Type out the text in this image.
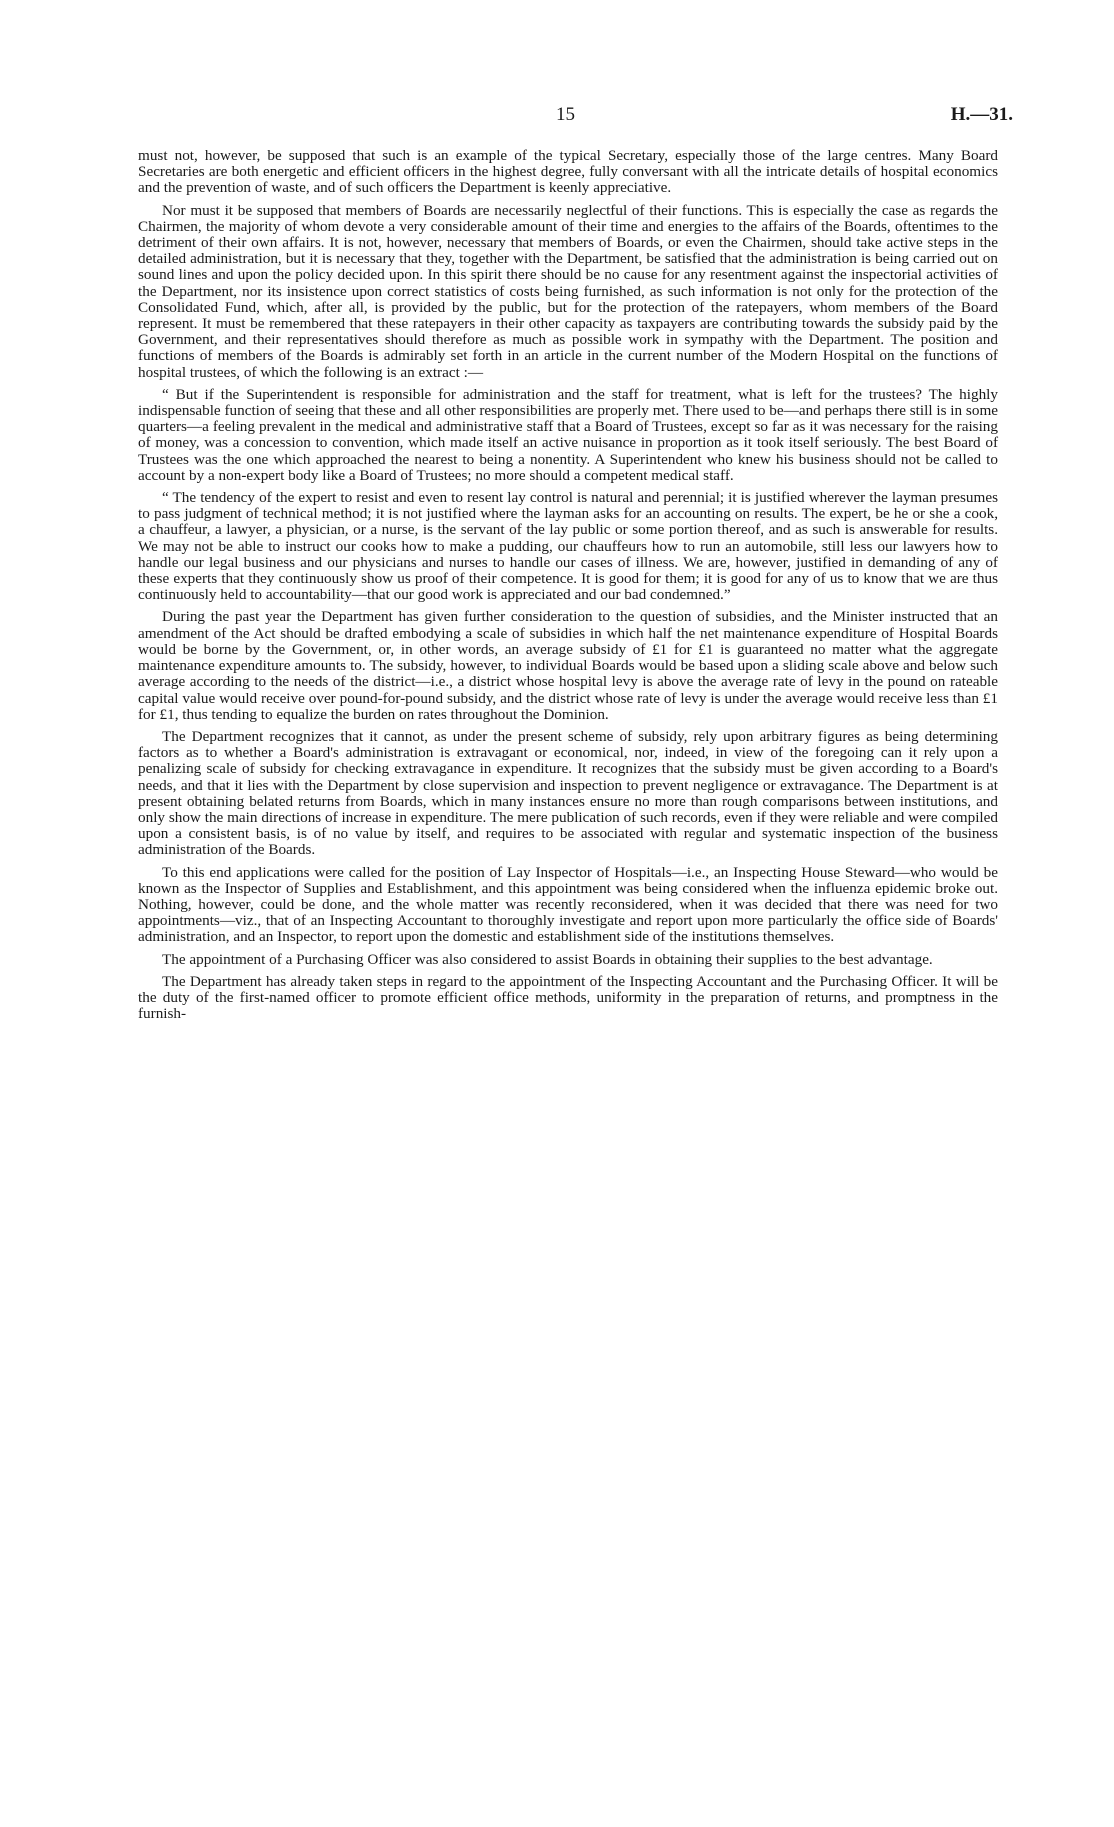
15	H.—31.

must not, however, be supposed that such is an example of the typical Secretary, especially those of the large centres. Many Board Secretaries are both energetic and efficient officers in the highest degree, fully conversant with all the intricate details of hospital economics and the prevention of waste, and of such officers the Department is keenly appreciative.

Nor must it be supposed that members of Boards are necessarily neglectful of their functions. This is especially the case as regards the Chairmen, the majority of whom devote a very considerable amount of their time and energies to the affairs of the Boards, oftentimes to the detriment of their own affairs. It is not, however, necessary that members of Boards, or even the Chairmen, should take active steps in the detailed administration, but it is necessary that they, together with the Department, be satisfied that the administration is being carried out on sound lines and upon the policy decided upon. In this spirit there should be no cause for any resentment against the inspectorial activities of the Department, nor its insistence upon correct statistics of costs being furnished, as such information is not only for the protection of the Consolidated Fund, which, after all, is provided by the public, but for the protection of the ratepayers, whom members of the Board represent. It must be remembered that these ratepayers in their other capacity as taxpayers are contributing towards the subsidy paid by the Government, and their representatives should therefore as much as possible work in sympathy with the Department. The position and functions of members of the Boards is admirably set forth in an article in the current number of the Modern Hospital on the functions of hospital trustees, of which the following is an extract :—

“ But if the Superintendent is responsible for administration and the staff for treatment, what is left for the trustees? The highly indispensable function of seeing that these and all other responsibilities are properly met. There used to be—and perhaps there still is in some quarters—a feeling prevalent in the medical and administrative staff that a Board of Trustees, except so far as it was necessary for the raising of money, was a concession to convention, which made itself an active nuisance in proportion as it took itself seriously. The best Board of Trustees was the one which approached the nearest to being a nonentity. A Superintendent who knew his business should not be called to account by a non-expert body like a Board of Trustees; no more should a competent medical staff.

“ The tendency of the expert to resist and even to resent lay control is natural and perennial; it is justified wherever the layman presumes to pass judgment of technical method; it is not justified where the layman asks for an accounting on results. The expert, be he or she a cook, a chauffeur, a lawyer, a physician, or a nurse, is the servant of the lay public or some portion thereof, and as such is answerable for results. We may not be able to instruct our cooks how to make a pudding, our chauffeurs how to run an automobile, still less our lawyers how to handle our legal business and our physicians and nurses to handle our cases of illness. We are, however, justified in demanding of any of these experts that they continuously show us proof of their competence. It is good for them; it is good for any of us to know that we are thus continuously held to accountability—that our good work is appreciated and our bad condemned.”

During the past year the Department has given further consideration to the question of subsidies, and the Minister instructed that an amendment of the Act should be drafted embodying a scale of subsidies in which half the net maintenance expenditure of Hospital Boards would be borne by the Government, or, in other words, an average subsidy of £1 for £1 is guaranteed no matter what the aggregate maintenance expenditure amounts to. The subsidy, however, to individual Boards would be based upon a sliding scale above and below such average according to the needs of the district—i.e., a district whose hospital levy is above the average rate of levy in the pound on rateable capital value would receive over pound-for-pound subsidy, and the district whose rate of levy is under the average would receive less than £1 for £1, thus tending to equalize the burden on rates throughout the Dominion.

The Department recognizes that it cannot, as under the present scheme of subsidy, rely upon arbitrary figures as being determining factors as to whether a Board's administration is extravagant or economical, nor, indeed, in view of the foregoing can it rely upon a penalizing scale of subsidy for checking extravagance in expenditure. It recognizes that the subsidy must be given according to a Board's needs, and that it lies with the Department by close supervision and inspection to prevent negligence or extravagance. The Department is at present obtaining belated returns from Boards, which in many instances ensure no more than rough comparisons between institutions, and only show the main directions of increase in expenditure. The mere publication of such records, even if they were reliable and were compiled upon a consistent basis, is of no value by itself, and requires to be associated with regular and systematic inspection of the business administration of the Boards.

To this end applications were called for the position of Lay Inspector of Hospitals—i.e., an Inspecting House Steward—who would be known as the Inspector of Supplies and Establishment, and this appointment was being considered when the influenza epidemic broke out. Nothing, however, could be done, and the whole matter was recently reconsidered, when it was decided that there was need for two appointments—viz., that of an Inspecting Accountant to thoroughly investigate and report upon more particularly the office side of Boards' administration, and an Inspector, to report upon the domestic and establishment side of the institutions themselves.

The appointment of a Purchasing Officer was also considered to assist Boards in obtaining their supplies to the best advantage.

The Department has already taken steps in regard to the appointment of the Inspecting Accountant and the Purchasing Officer. It will be the duty of the first-named officer to promote efficient office methods, uniformity in the preparation of returns, and promptness in the furnish-
